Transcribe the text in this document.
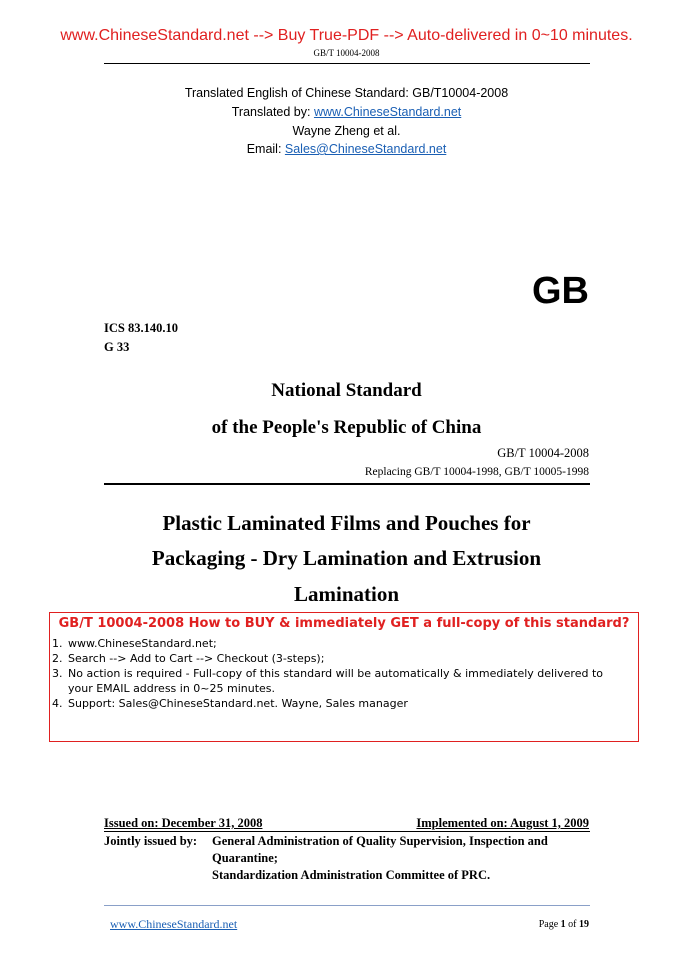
www.ChineseStandard.net --> Buy True-PDF --> Auto-delivered in 0~10 minutes.
GB/T 10004-2008
Translated English of Chinese Standard: GB/T10004-2008
Translated by: www.ChineseStandard.net
Wayne Zheng et al.
Email: Sales@ChineseStandard.net
GB
ICS 83.140.10
G 33
National Standard
of the People's Republic of China
GB/T 10004-2008
Replacing GB/T 10004-1998, GB/T 10005-1998
Plastic Laminated Films and Pouches for
Packaging - Dry Lamination and Extrusion
Lamination
GB/T 10004-2008 How to BUY & immediately GET a full-copy of this standard?
1. www.ChineseStandard.net;
2. Search --> Add to Cart --> Checkout (3-steps);
3. No action is required - Full-copy of this standard will be automatically & immediately delivered to your EMAIL address in 0~25 minutes.
4. Support: Sales@ChineseStandard.net. Wayne, Sales manager
Issued on: December 31, 2008	Implemented on: August 1, 2009
Jointly issued by: General Administration of Quality Supervision, Inspection and
Quarantine;
Standardization Administration Committee of PRC.
www.ChineseStandard.net	Page 1 of 19
